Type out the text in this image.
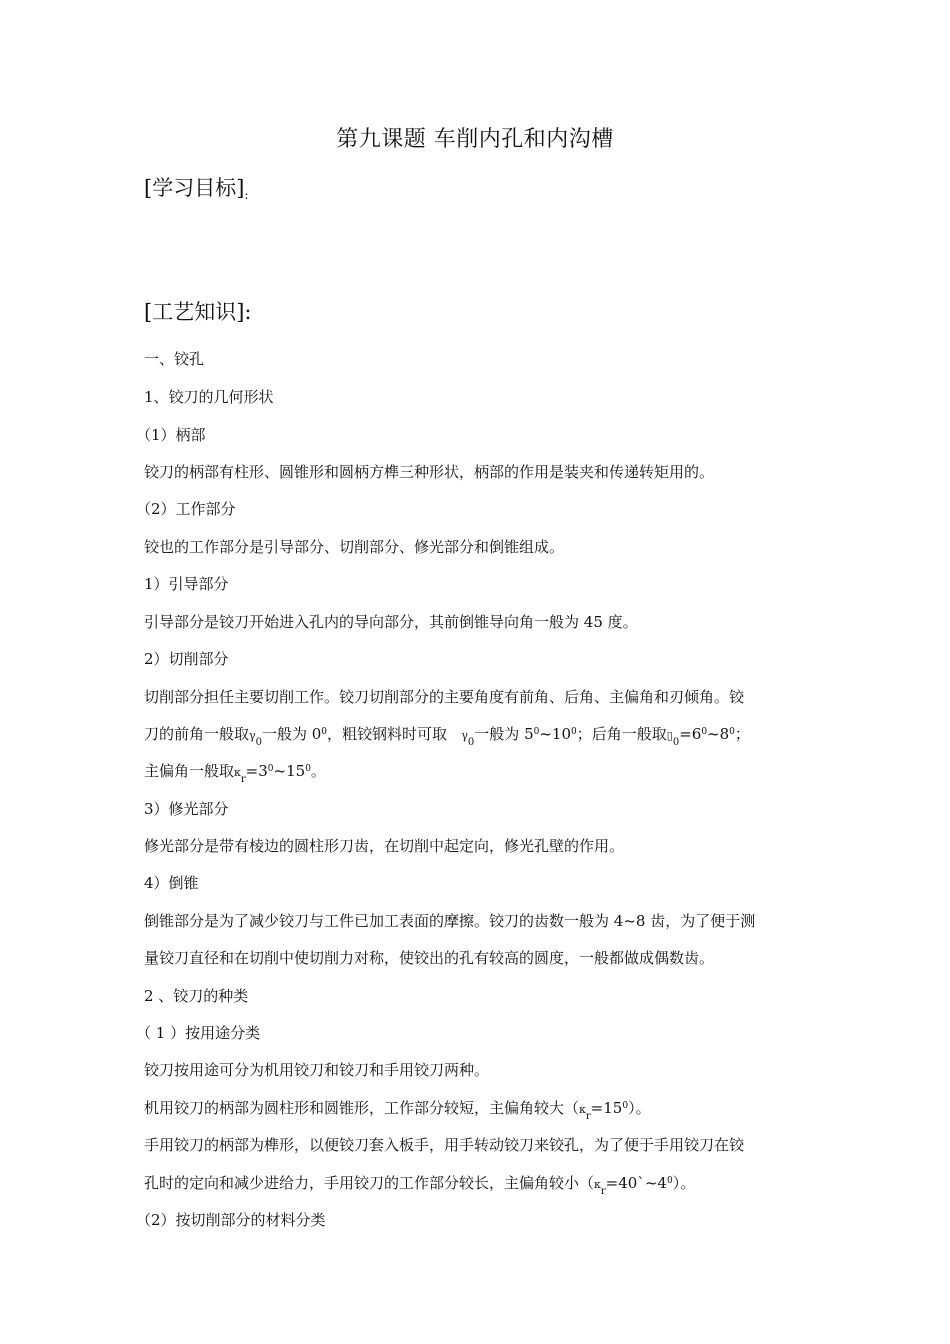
第九课题 车削内孔和内沟槽
[学习目标]:
[工艺知识]:
一、铰孔
1、铰刀的几何形状
（1）柄部
铰刀的柄部有柱形、圆锥形和圆柄方榫三种形状，柄部的作用是装夹和传递转矩用的。
（2）工作部分
铰也的工作部分是引导部分、切削部分、修光部分和倒锥组成。
1）引导部分
引导部分是铰刀开始进入孔内的导向部分，其前倒锥导向角一般为 45 度。
2）切削部分
切削部分担任主要切削工作。铰刀切削部分的主要角度有前角、后角、主偏角和刃倾角。铰
刀的前角一般取$\gamma_0$一般为 $0^0$，粗铰钢料时可取 $\gamma_0$一般为 $5^0\sim 10^0$；后角一般取$▯_0=6^0\sim 8^0$；
主偏角一般取$\kappa_r=3^0\sim 15^0$。
3）修光部分
修光部分是带有棱边的圆柱形刀齿，在切削中起定向，修光孔壁的作用。
4）倒锥
倒锥部分是为了减少铰刀与工件已加工表面的摩擦。铰刀的齿数一般为 4~8 齿，为了便于测
量铰刀直径和在切削中使切削力对称，使铰出的孔有较高的圆度，一般都做成偶数齿。
2 、铰刀的种类
（ 1 ）按用途分类
铰刀按用途可分为机用铰刀和铰刀和手用铰刀两种。
机用铰刀的柄部为圆柱形和圆锥形，工作部分较短，主偏角较大$(\kappa_r=15^0)$。
手用铰刀的柄部为榫形，以便铰刀套入板手，用手转动铰刀来铰孔，为了便于手用铰刀在铰
孔时的定向和减少进给力，手用铰刀的工作部分较长，主偏角较小$(\kappa_r=40`\sim 4^0)$。
（2）按切削部分的材料分类
